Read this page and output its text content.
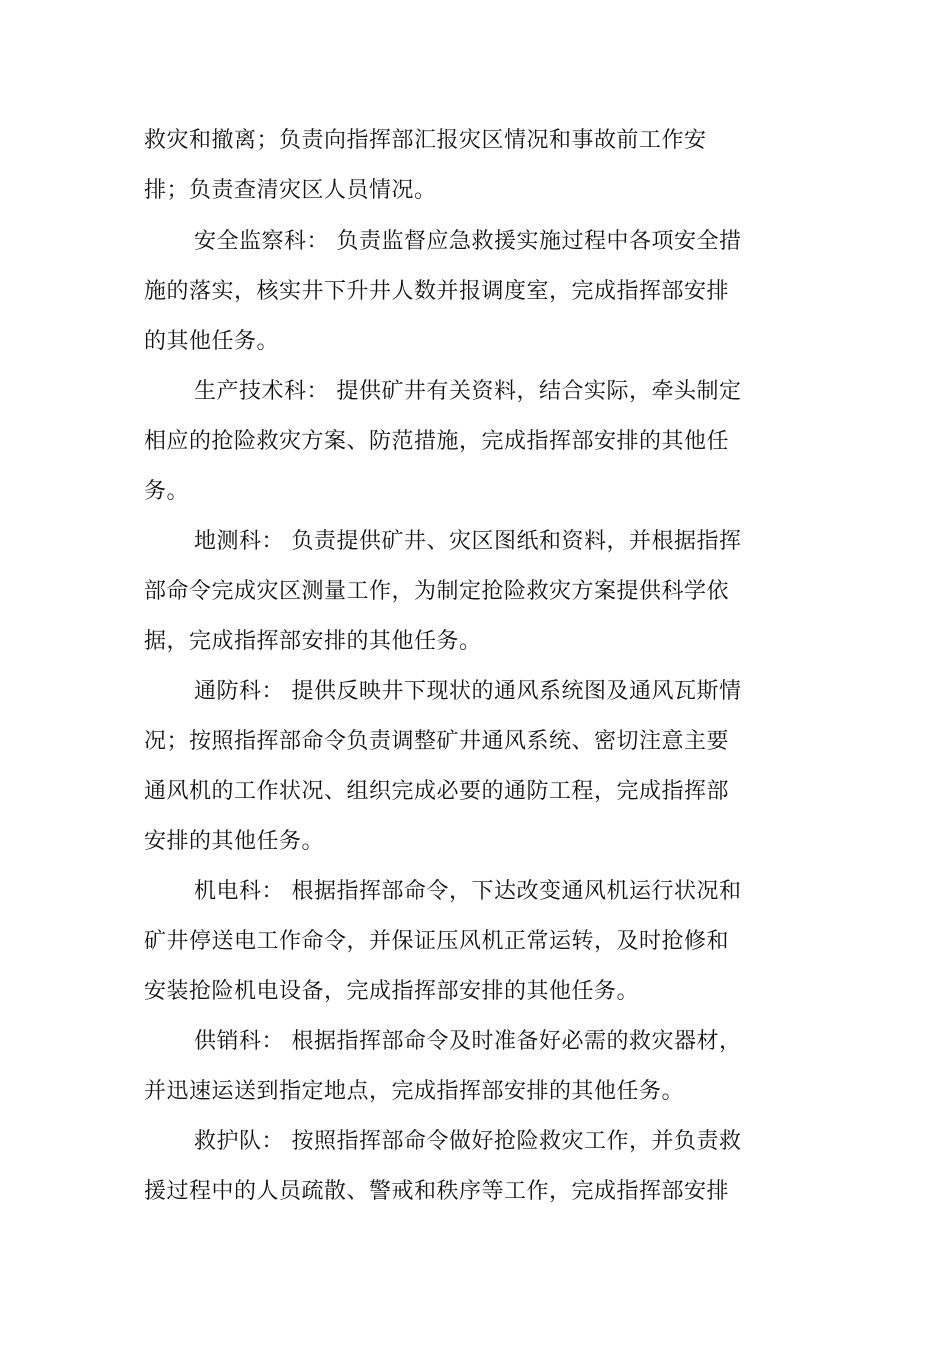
救灾和撤离；负责向指挥部汇报灾区情况和事故前工作安
排；负责查清灾区人员情况。
安全监察科： 负责监督应急救援实施过程中各项安全措
施的落实，核实井下升井人数并报调度室，完成指挥部安排
的其他任务。
生产技术科： 提供矿井有关资料，结合实际，牵头制定
相应的抢险救灾方案、防范措施，完成指挥部安排的其他任
务。
地测科： 负责提供矿井、灾区图纸和资料，并根据指挥
部命令完成灾区测量工作，为制定抢险救灾方案提供科学依
据，完成指挥部安排的其他任务。
通防科： 提供反映井下现状的通风系统图及通风瓦斯情
况；按照指挥部命令负责调整矿井通风系统、密切注意主要
通风机的工作状况、组织完成必要的通防工程，完成指挥部
安排的其他任务。
机电科： 根据指挥部命令，下达改变通风机运行状况和
矿井停送电工作命令，并保证压风机正常运转，及时抢修和
安装抢险机电设备，完成指挥部安排的其他任务。
供销科： 根据指挥部命令及时准备好必需的救灾器材，
并迅速运送到指定地点，完成指挥部安排的其他任务。
救护队： 按照指挥部命令做好抢险救灾工作，并负责救
援过程中的人员疏散、警戒和秩序等工作，完成指挥部安排
